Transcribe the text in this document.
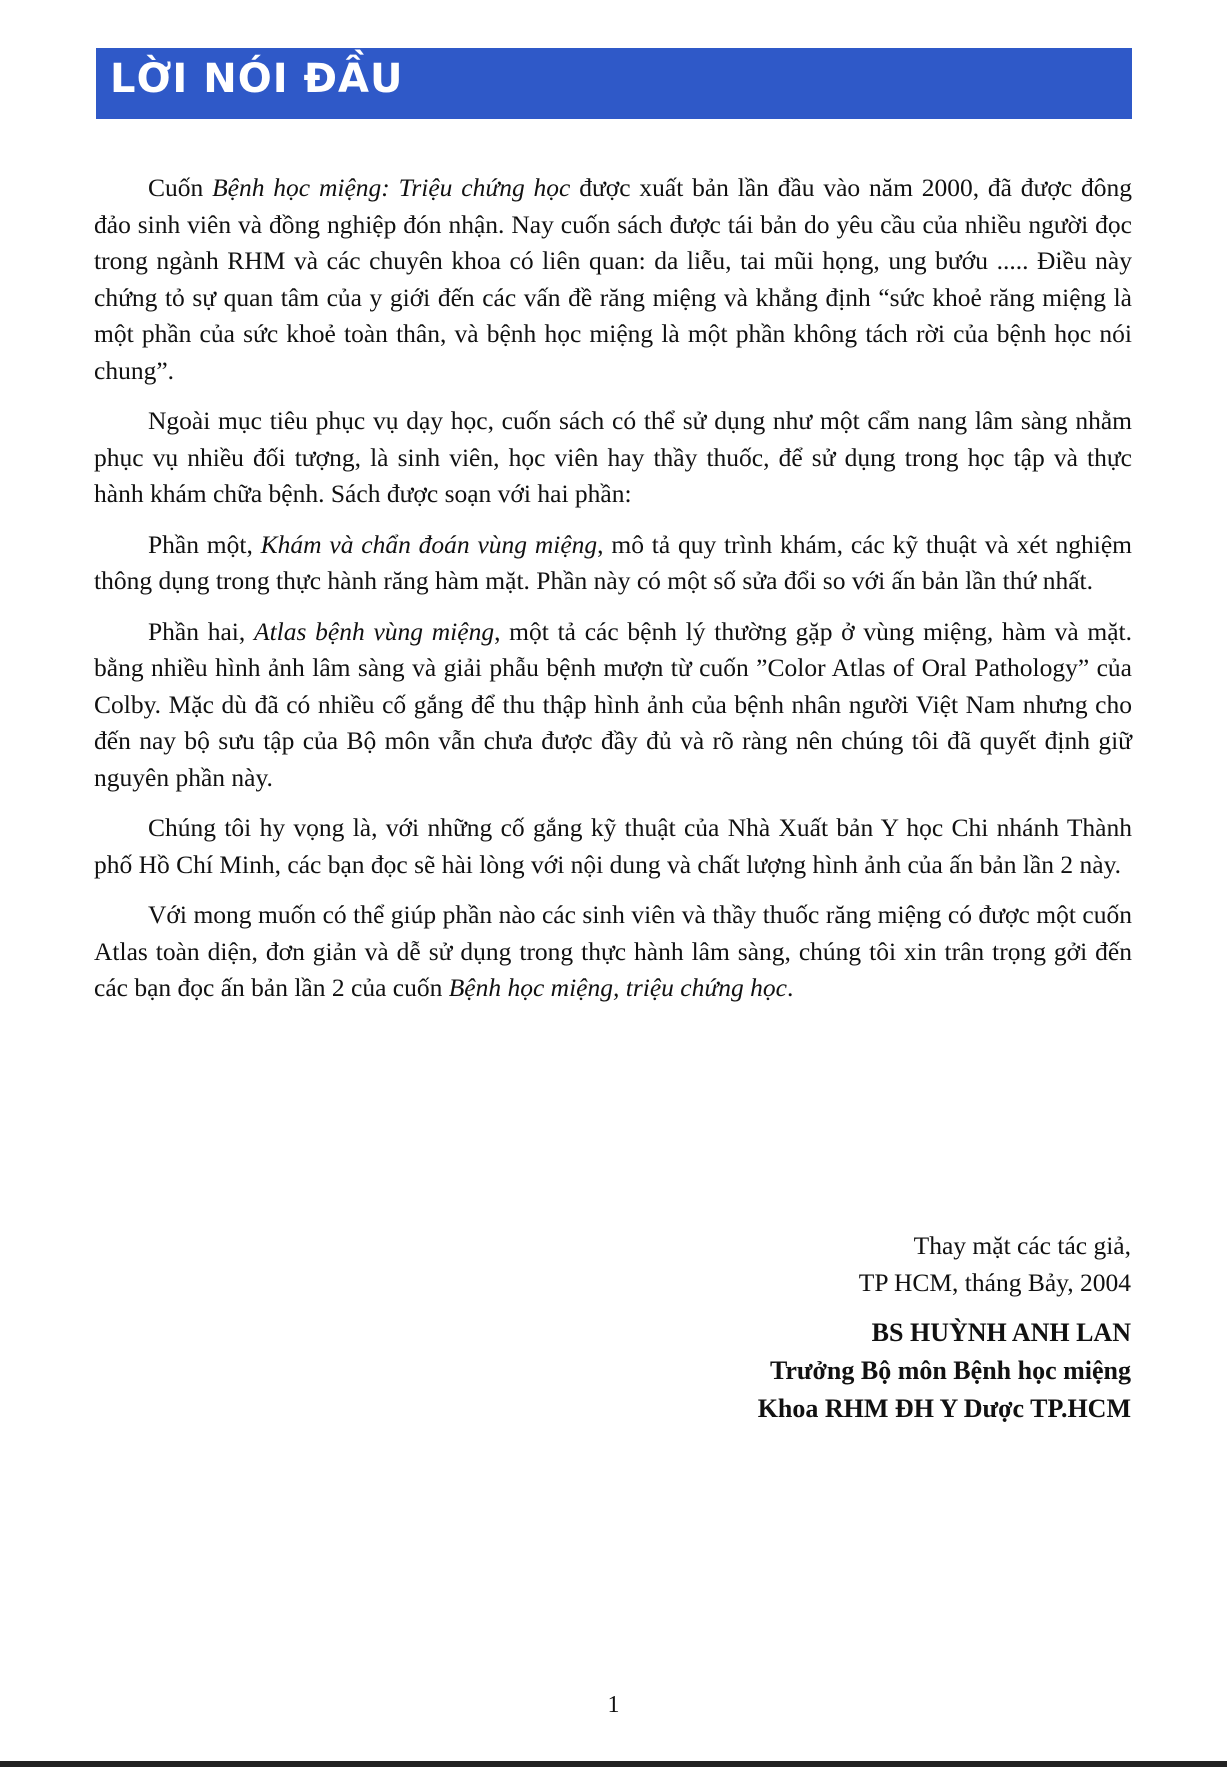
LỜI NÓI ĐẦU

Cuốn Bệnh học miệng: Triệu chứng học được xuất bản lần đầu vào năm 2000, đã được đông đảo sinh viên và đồng nghiệp đón nhận. Nay cuốn sách được tái bản do yêu cầu của nhiều người đọc trong ngành RHM và các chuyên khoa có liên quan: da liễu, tai mũi họng, ung bướu ..... Điều này chứng tỏ sự quan tâm của y giới đến các vấn đề răng miệng và khẳng định “sức khoẻ răng miệng là một phần của sức khoẻ toàn thân, và bệnh học miệng là một phần không tách rời của bệnh học nói chung”.

Ngoài mục tiêu phục vụ dạy học, cuốn sách có thể sử dụng như một cẩm nang lâm sàng nhằm phục vụ nhiều đối tượng, là sinh viên, học viên hay thầy thuốc, để sử dụng trong học tập và thực hành khám chữa bệnh. Sách được soạn với hai phần:

Phần một, Khám và chẩn đoán vùng miệng, mô tả quy trình khám, các kỹ thuật và xét nghiệm thông dụng trong thực hành răng hàm mặt. Phần này có một số sửa đổi so với ấn bản lần thứ nhất.

Phần hai, Atlas bệnh vùng miệng, một tả các bệnh lý thường gặp ở vùng miệng, hàm và mặt. bằng nhiều hình ảnh lâm sàng và giải phẫu bệnh mượn từ cuốn ”Color Atlas of Oral Pathology” của Colby. Mặc dù đã có nhiều cố gắng để thu thập hình ảnh của bệnh nhân người Việt Nam nhưng cho đến nay bộ sưu tập của Bộ môn vẫn chưa được đầy đủ và rõ ràng nên chúng tôi đã quyết định giữ nguyên phần này.

Chúng tôi hy vọng là, với những cố gắng kỹ thuật của Nhà Xuất bản Y học Chi nhánh Thành phố Hồ Chí Minh, các bạn đọc sẽ hài lòng với nội dung và chất lượng hình ảnh của ấn bản lần 2 này.

Với mong muốn có thể giúp phần nào các sinh viên và thầy thuốc răng miệng có được một cuốn Atlas toàn diện, đơn giản và dễ sử dụng trong thực hành lâm sàng, chúng tôi xin trân trọng gởi đến các bạn đọc ấn bản lần 2 của cuốn Bệnh học miệng, triệu chứng học.

Thay mặt các tác giả,
TP HCM, tháng Bảy, 2004
BS HUỲNH ANH LAN
Trưởng Bộ môn Bệnh học miệng
Khoa RHM ĐH Y Dược TP.HCM
1
